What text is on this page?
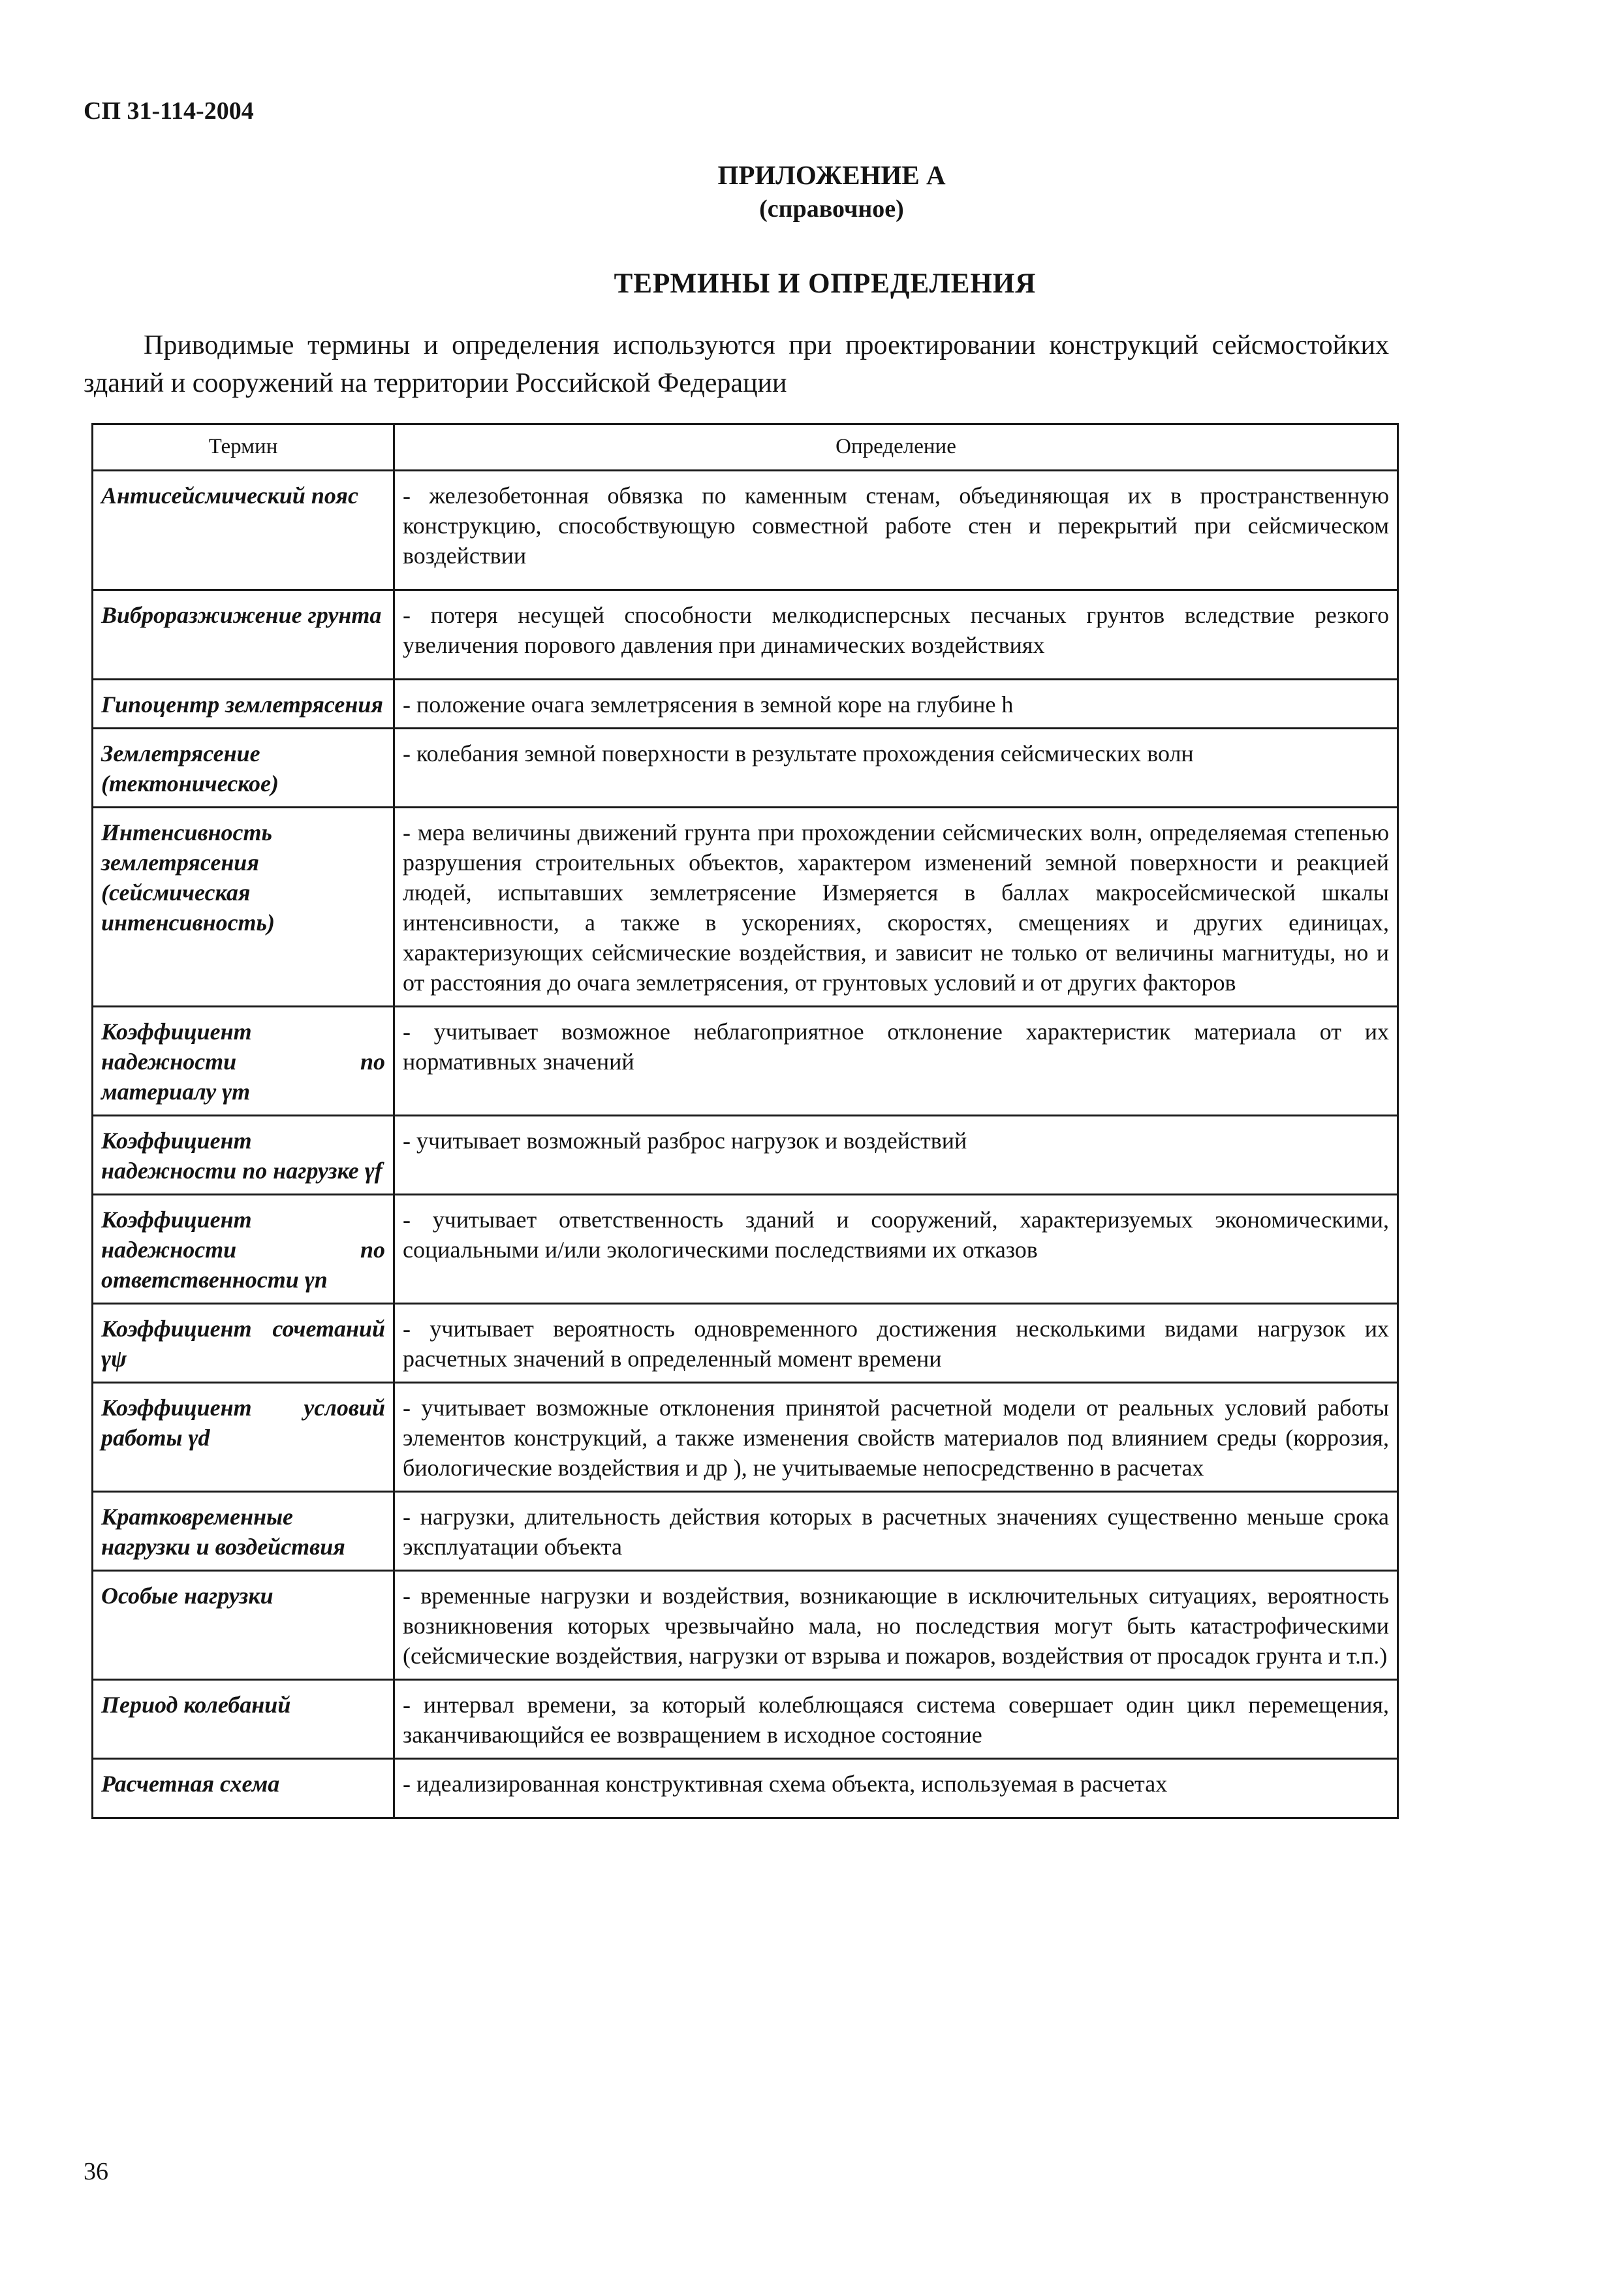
СП 31-114-2004
ПРИЛОЖЕНИЕ А
(справочное)
ТЕРМИНЫ И ОПРЕДЕЛЕНИЯ

Приводимые термины и определения используются при проектировании конструкций сейсмостойких зданий и сооружений на территории Российской Федерации

Термин	Определение
Антисейсмический пояс	- железобетонная обвязка по каменным стенам, объединяющая их в пространственную конструкцию, способствующую совместной работе стен и перекрытий при сейсмическом воздействии

Виброразжижение грунта	- потеря несущей способности мелкодисперсных песчаных грунтов вследствие резкого увеличения порового давления при динамических воздействиях

Гипоцентр землетрясения	- положение очага землетрясения в земной коре на глубине h
Землетрясение (тектоническое)	- колебания земной поверхности в результате прохождения сейсмических волн
Интенсивность землетрясения (сейсмическая интенсивность)	- мера величины движений грунта при прохождении сейсмических волн, определяемая степенью разрушения строительных объектов, характером изменений земной поверхности и реакцией людей, испытавших землетрясение Измеряется в баллах макросейсмической шкалы интенсивности, а также в ускорениях, скоростях, смещениях и других единицах, характеризующих сейсмические воздействия, и зависит не только от величины магнитуды, но и от расстояния до очага землетрясения, от грунтовых условий и от других факторов
Коэффициент надежности по материалу γm	- учитывает возможное неблагоприятное отклонение характеристик материала от их нормативных значений
Коэффициент надежности по нагрузке γf	- учитывает возможный разброс нагрузок и воздействий

Коэффициент надежности по ответственности γn	- учитывает ответственность зданий и сооружений, характеризуемых экономическими, социальными и/или экологическими последствиями их отказов
Коэффициент сочетаний γψ	- учитывает вероятность одновременного достижения несколькими видами нагрузок их расчетных значений в определенный момент времени
Коэффициент условий работы γd	- учитывает возможные отклонения принятой расчетной модели от реальных условий работы элементов конструкций, а также изменения свойств материалов под влиянием среды (коррозия, биологические воздействия и др ), не учитываемые непосредственно в расчетах
Кратковременные нагрузки и воздействия	- нагрузки, длительность действия которых в расчетных значениях существенно меньше срока эксплуатации объекта
Особые нагрузки	- временные нагрузки и воздействия, возникающие в исключительных ситуациях, вероятность возникновения которых чрезвычайно мала, но последствия могут быть катастрофическими (сейсмические воздействия, нагрузки от взрыва и пожаров, воздействия от просадок грунта и т.п.)
Период колебаний	- интервал времени, за который колеблющаяся система совершает один цикл перемещения, заканчивающийся ее возвращением в исходное состояние
Расчетная схема	- идеализированная конструктивная схема объекта, используемая в расчетах
36
